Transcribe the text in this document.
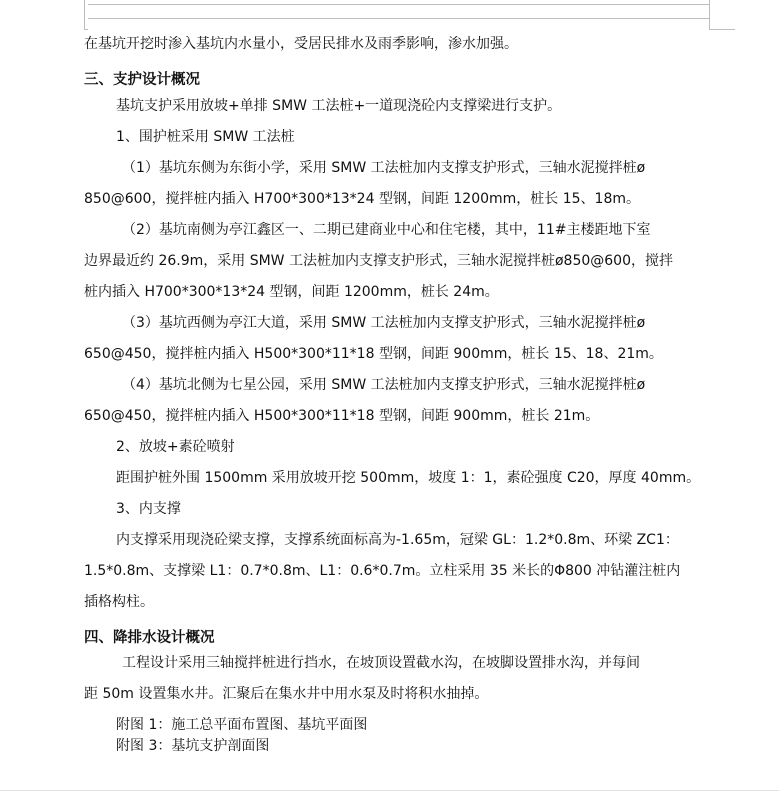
在基坑开挖时渗入基坑内水量小，受居民排水及雨季影响，渗水加强。
三、支护设计概况
基坑支护采用放坡+单排 SMW 工法桩+一道现浇砼内支撑梁进行支护。
1、围护桩采用 SMW 工法桩
（1）基坑东侧为东街小学，采用 SMW 工法桩加内支撑支护形式，三轴水泥搅拌桩ø
850@600，搅拌桩内插入 H700*300*13*24 型钢，间距 1200mm，桩长 15、18m。
（2）基坑南侧为亭江鑫区一、二期已建商业中心和住宅楼，其中，11#主楼距地下室
边界最近约 26.9m，采用 SMW 工法桩加内支撑支护形式，三轴水泥搅拌桩ø850@600，搅拌
桩内插入 H700*300*13*24 型钢，间距 1200mm，桩长 24m。
（3）基坑西侧为亭江大道，采用 SMW 工法桩加内支撑支护形式，三轴水泥搅拌桩ø
650@450，搅拌桩内插入 H500*300*11*18 型钢，间距 900mm，桩长 15、18、21m。
（4）基坑北侧为七星公园，采用 SMW 工法桩加内支撑支护形式，三轴水泥搅拌桩ø
650@450，搅拌桩内插入 H500*300*11*18 型钢，间距 900mm，桩长 21m。
2、放坡+素砼喷射
距围护桩外围 1500mm 采用放坡开挖 500mm，坡度 1：1，素砼强度 C20，厚度 40mm。
3、内支撑
内支撑采用现浇砼梁支撑，支撑系统面标高为-1.65m，冠梁 GL：1.2*0.8m、环梁 ZC1：
1.5*0.8m、支撑梁 L1：0.7*0.8m、L1：0.6*0.7m。立柱采用 35 米长的Φ800 冲钻灌注桩内
插格构柱。
四、降排水设计概况
工程设计采用三轴搅拌桩进行挡水，在坡顶设置截水沟，在坡脚设置排水沟，并每间
距 50m 设置集水井。汇聚后在集水井中用水泵及时将积水抽掉。
附图 1：施工总平面布置图、基坑平面图
附图 3：基坑支护剖面图
